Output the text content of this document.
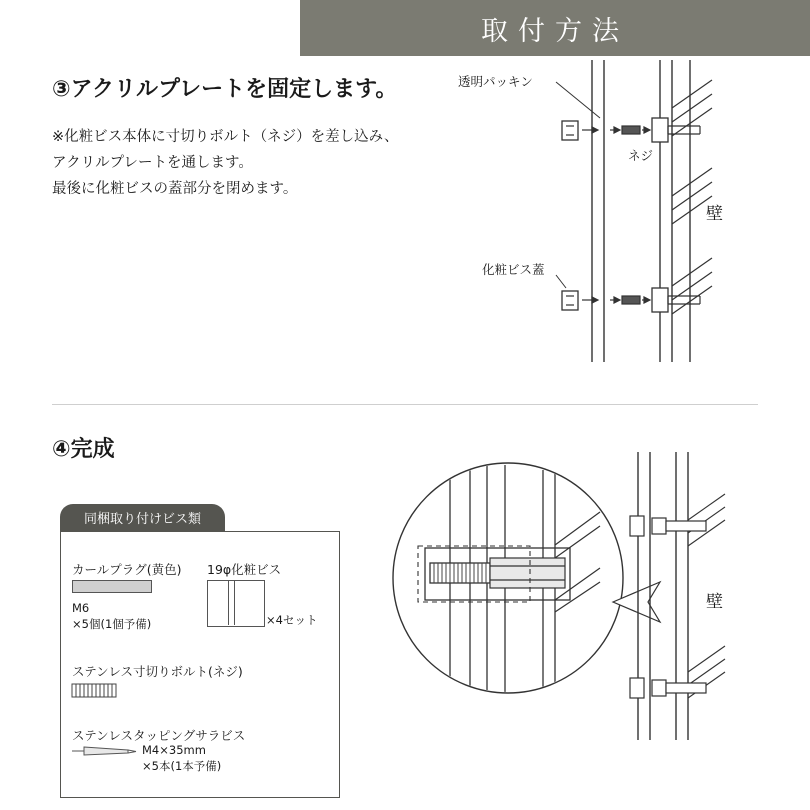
取付方法
③アクリルプレートを固定します。
※化粧ビス本体に寸切りボルト（ネジ）を差し込み、
アクリルプレートを通します。
最後に化粧ビスの蓋部分を閉めます。
透明パッキン
ネジ
化粧ビス蓋
壁
④完成
同梱取り付けビス類
カールプラグ(黄色)
M6
×5個(1個予備)
19φ化粧ビス
×4セット
ステンレス寸切りボルト(ネジ)
ステンレスタッピングサラビス
M4×35mm
×5本(1本予備)
壁
